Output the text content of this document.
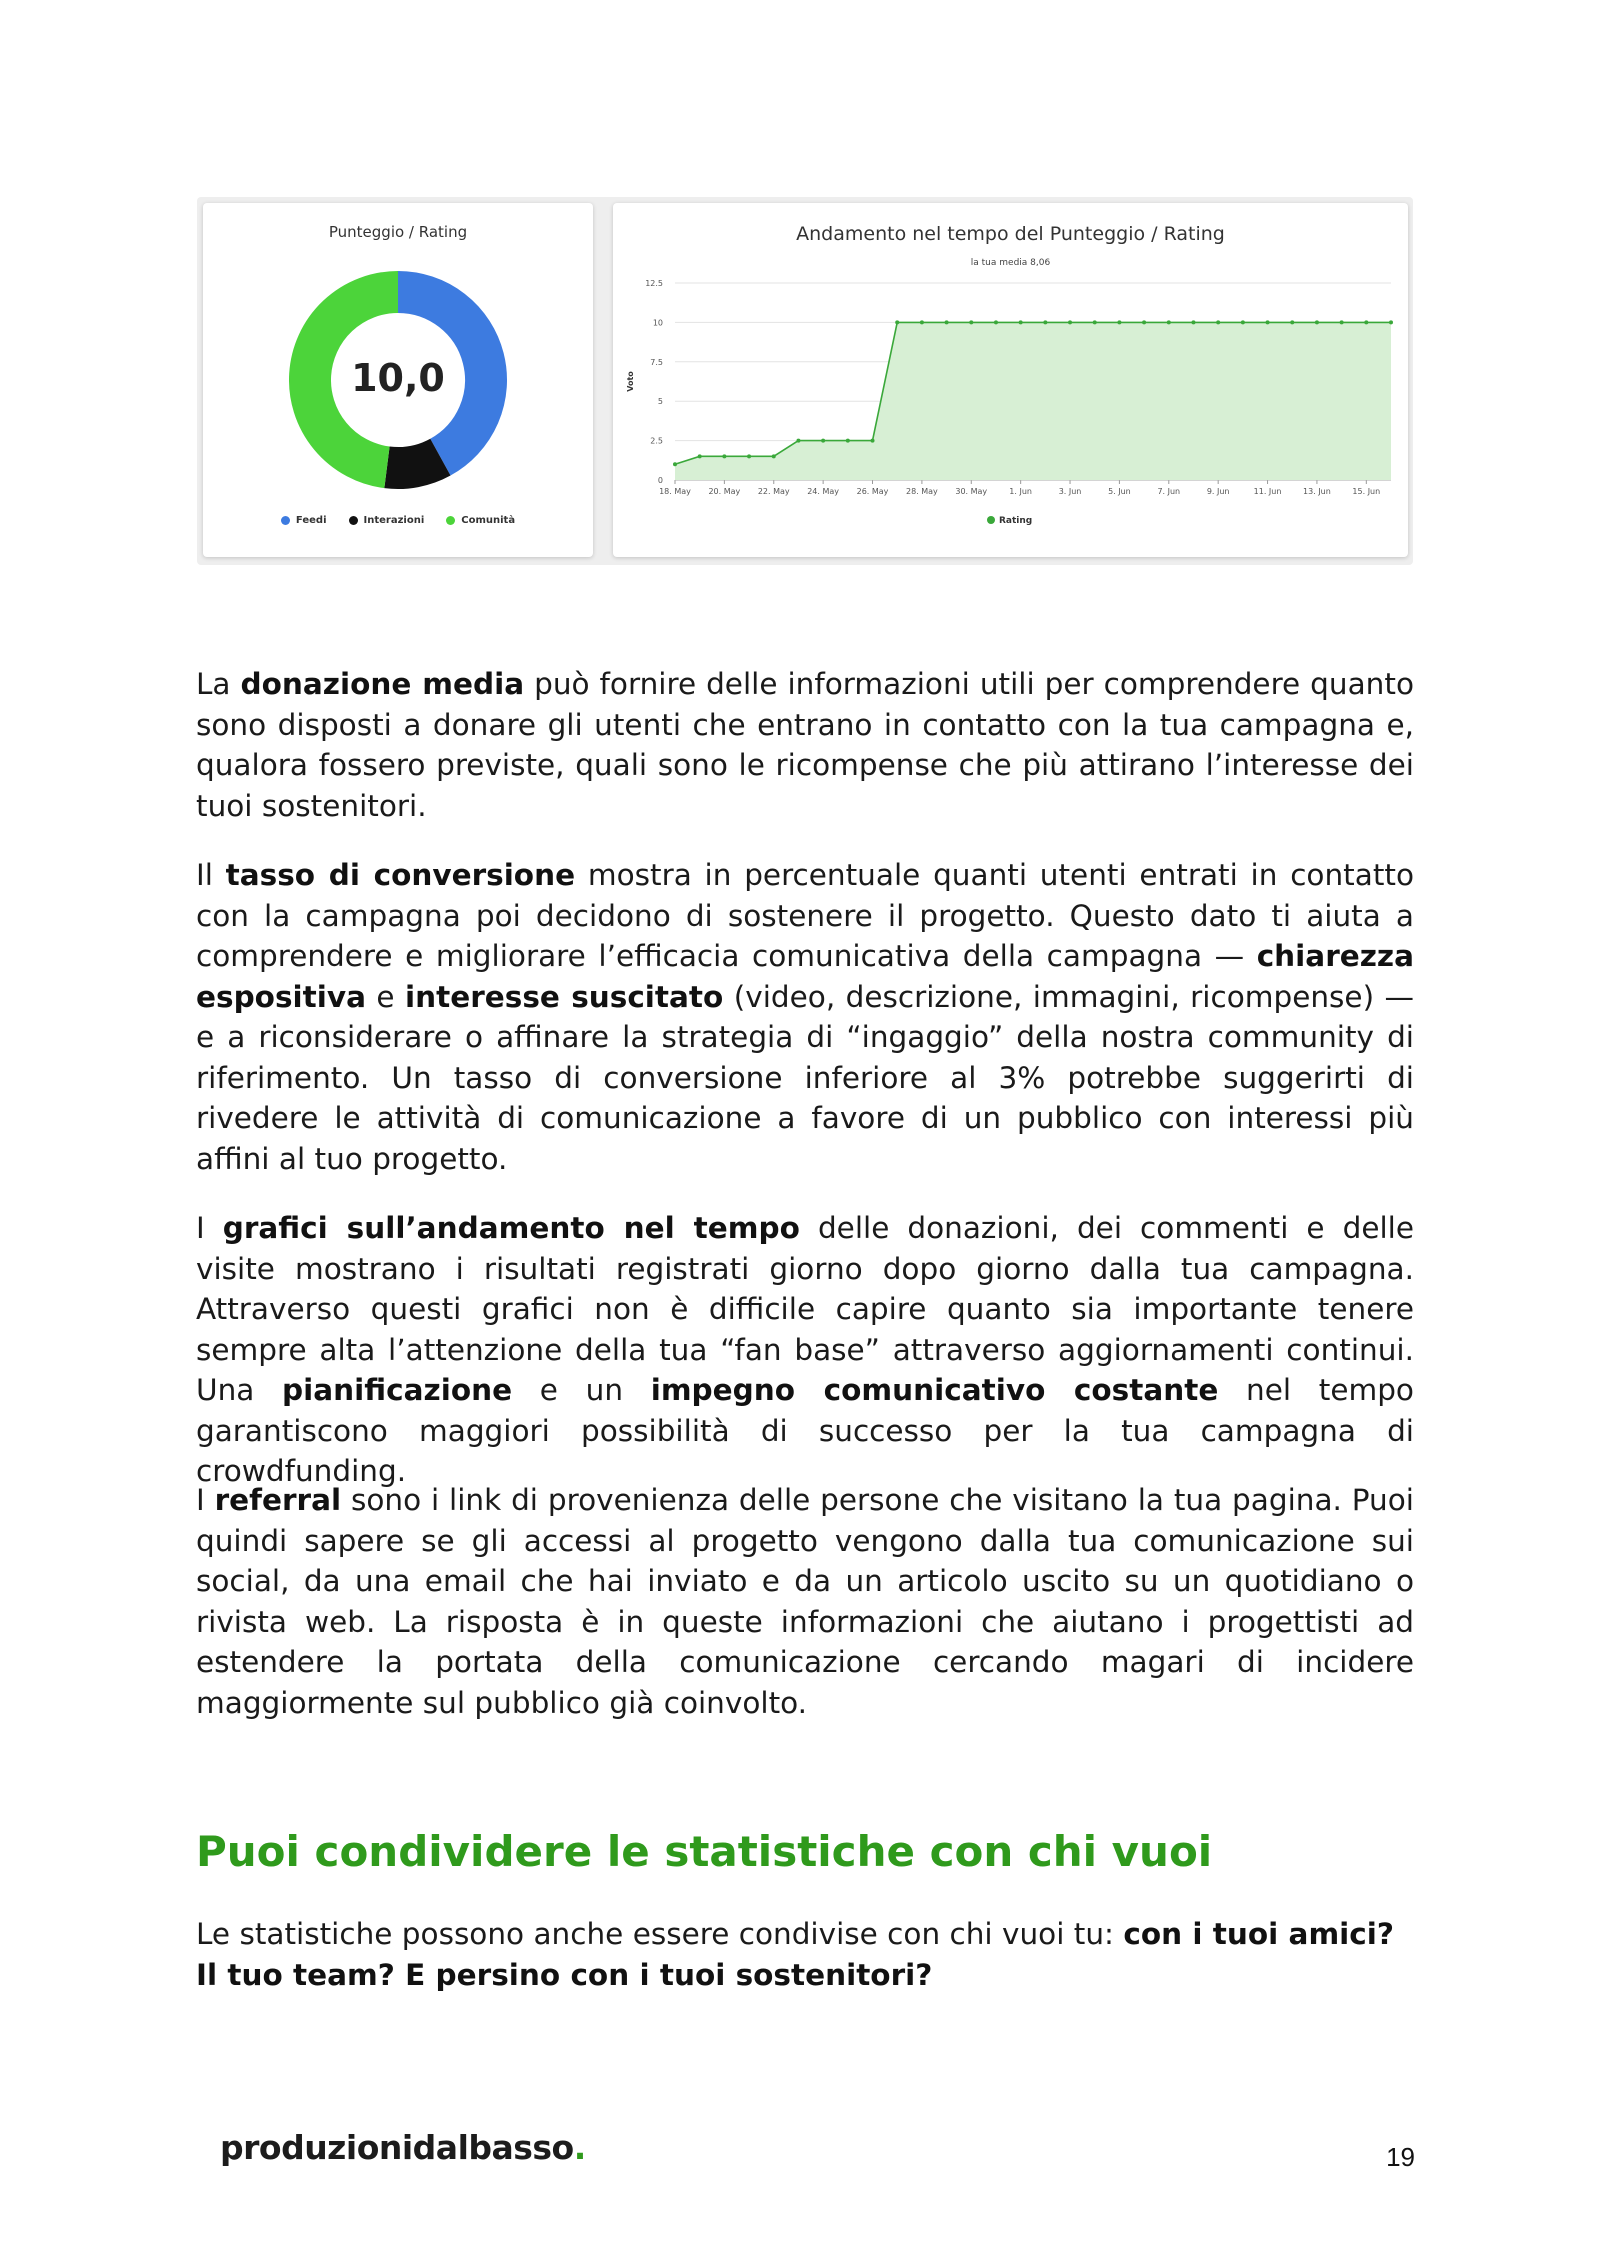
Punteggio / Rating
10,0
Feedi	Interazioni	Comunità
Andamento nel tempo del Punteggio / Rating
la tua media 8,06
0
2.5
5
7.5
10
12.5
Voto
18. May 20. May 22. May 24. May 26. May 28. May 30. May	1. Jun	3. Jun	5. Jun	7. Jun	9. Jun	11. Jun	13. Jun	15. Jun
Rating

La donazione media può fornire delle informazioni utili per comprendere quanto sono disposti a donare gli utenti che entrano in contatto con la tua campagna e, qualora fossero previste, quali sono le ricompense che più attirano l’interesse dei tuoi sostenitori.

Il tasso di conversione mostra in percentuale quanti utenti entrati in contatto con la campagna poi decidono di sostenere il progetto. Questo dato ti aiuta a comprendere e migliorare l’efficacia comunicativa della campagna — chiarezza espositiva e interesse suscitato (video, descrizione, immagini, ricompense) — e a riconsiderare o affinare la strategia di “ingaggio” della nostra community di riferimento. Un tasso di conversione inferiore al 3% potrebbe suggerirti di rivedere le attività di comunicazione a favore di un pubblico con interessi più affini al tuo progetto.

I grafici sull’andamento nel tempo delle donazioni, dei commenti e delle visite mostrano i risultati registrati giorno dopo giorno dalla tua campagna. Attraverso questi grafici non è difficile capire quanto sia importante tenere sempre alta l’attenzione della tua “fan base” attraverso aggiornamenti continui. Una pianificazione e un impegno comunicativo costante nel tempo garantiscono maggiori possibilità di successo per la tua campagna di crowdfunding.

I referral sono i link di provenienza delle persone che visitano la tua pagina. Puoi quindi sapere se gli accessi al progetto vengono dalla tua comunicazione sui social, da una email che hai inviato e da un articolo uscito su un quotidiano o rivista web. La risposta è in queste informazioni che aiutano i progettisti ad estendere la portata della comunicazione cercando magari di incidere maggiormente sul pubblico già coinvolto.

Puoi condividere le statistiche con chi vuoi

Le statistiche possono anche essere condivise con chi vuoi tu: con i tuoi amici? Il tuo team? E persino con i tuoi sostenitori?

produzionidalbasso.	19
